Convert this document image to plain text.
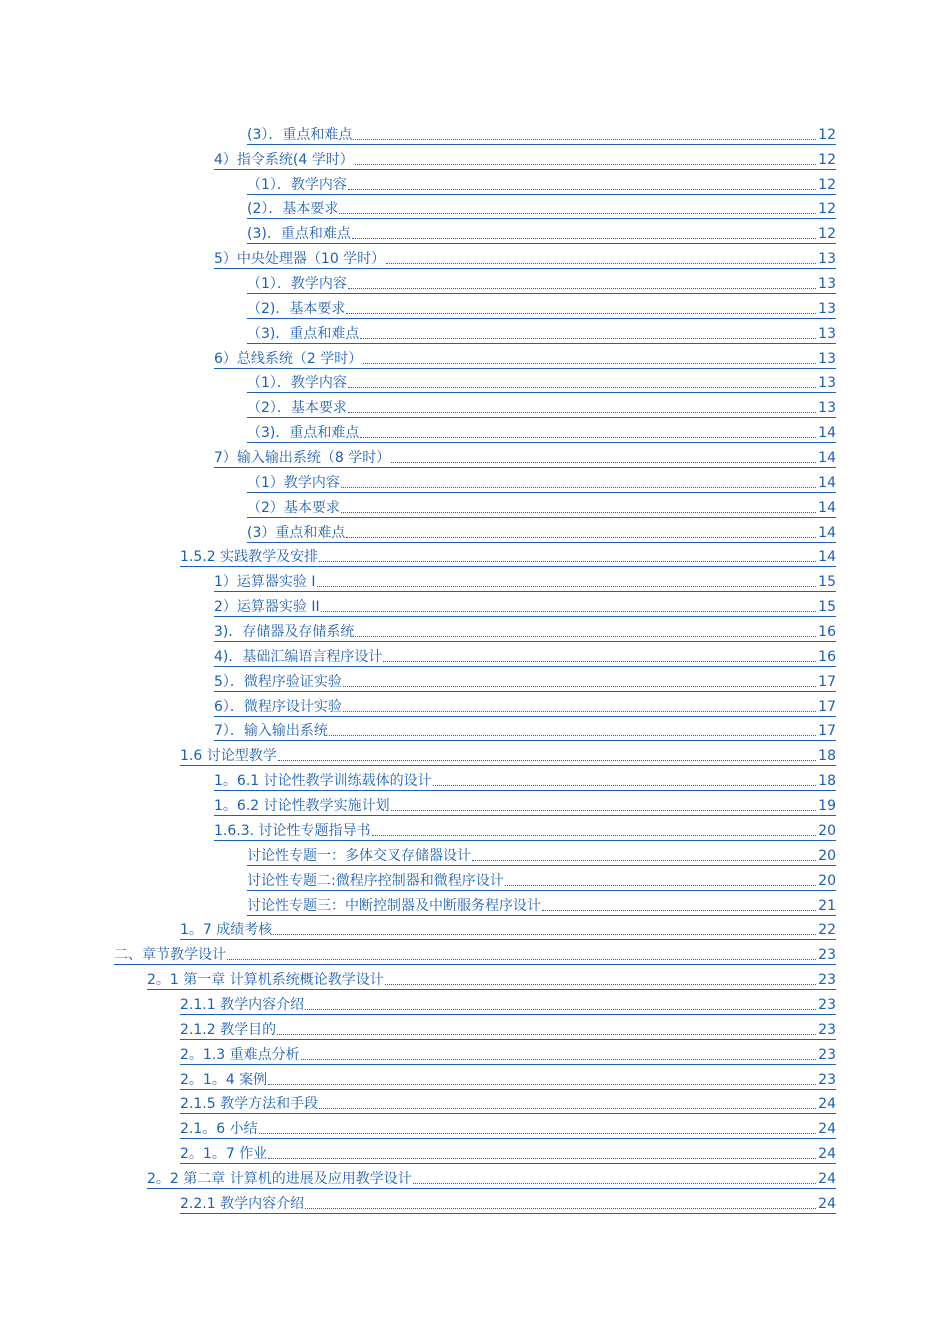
(3）．重点和难点	12
4）指令系统(4 学时）	12
（1）．教学内容	12
(2）．基本要求	12
(3)．重点和难点	12
5）中央处理器（10 学时）	13
（1）．教学内容	13
（2)．基本要求	13
（3)．重点和难点	13
6）总线系统（2 学时）	13
（1）．教学内容	13
（2）．基本要求	13
（3)．重点和难点	14
7）输入输出系统（8 学时）	14
（1）教学内容	14
（2）基本要求	14
(3）重点和难点	14
1.5.2 实践教学及安排	14
1）运算器实验 I	15
2）运算器实验 II	15
3)．存储器及存储系统	16
4)．基础汇编语言程序设计	16
5）．微程序验证实验	17
6）．微程序设计实验	17
7）．输入输出系统	17
1.6 讨论型教学	18
1。6.1 讨论性教学训练载体的设计	18
1。6.2 讨论性教学实施计划	19
1.6.3. 讨论性专题指导书	20
讨论性专题一：多体交叉存储器设计	20
讨论性专题二:微程序控制器和微程序设计	20
讨论性专题三：中断控制器及中断服务程序设计	21
1。7 成绩考核	22
二、章节教学设计	23
2。1 第一章 计算机系统概论教学设计	23
2.1.1 教学内容介绍	23
2.1.2 教学目的	23
2。1.3 重难点分析	23
2。1。4 案例	23
2.1.5 教学方法和手段	24
2.1。6 小结	24
2。1。7 作业	24
2。2 第二章 计算机的进展及应用教学设计	24
2.2.1 教学内容介绍	24
